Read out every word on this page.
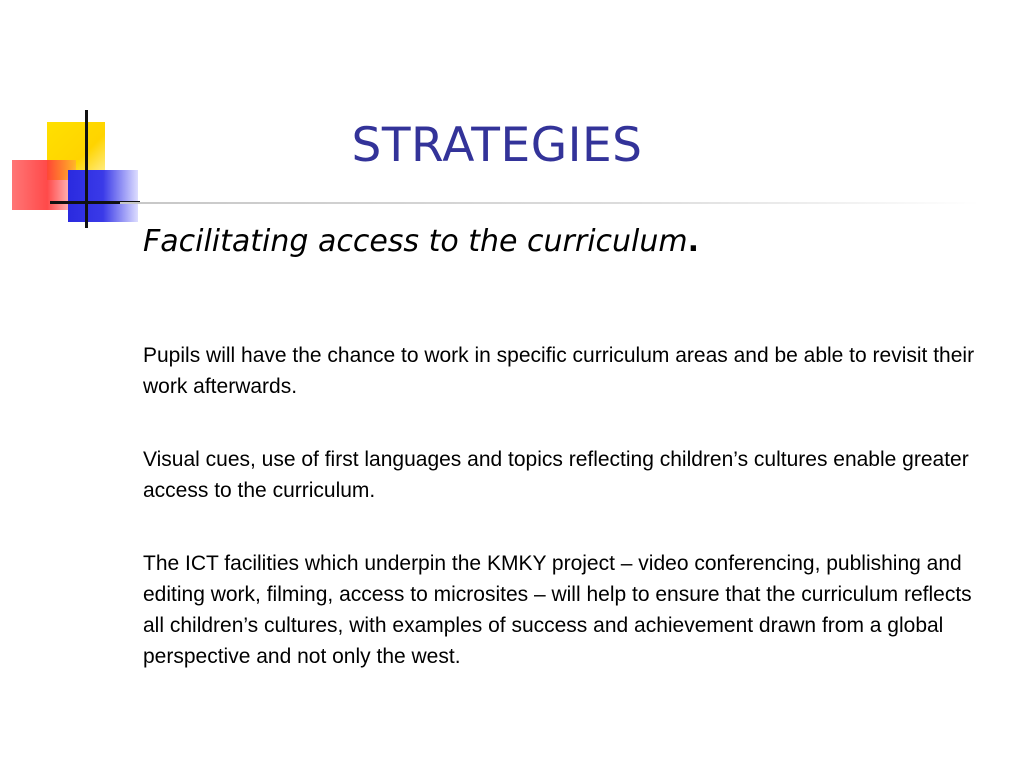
STRATEGIES
Facilitating access to the curriculum.

Pupils will have the chance to work in specific curriculum areas and be able to revisit their work afterwards.

Visual cues, use of first languages and topics reflecting children’s cultures enable greater access to the curriculum.

The ICT facilities which underpin the KMKY project – video conferencing, publishing and editing work, filming, access to microsites – will help to ensure that the curriculum reflects all children’s cultures, with examples of success and achievement drawn from a global perspective and not only the west.
